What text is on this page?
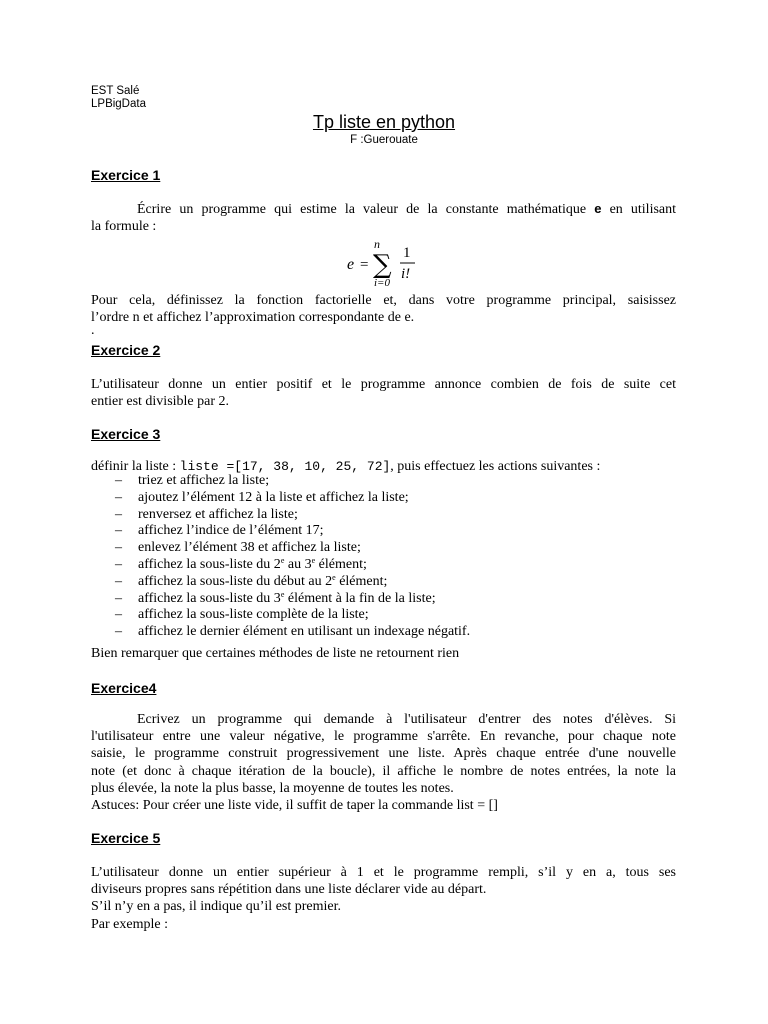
EST Salé
LPBigData
Tp liste en python
F :Guerouate
Exercice 1
Écrire un programme qui estime la valeur de la constante mathématique e en utilisant
la formule :
e =
n
∑
i=0
1
i!
Pour cela, définissez la fonction factorielle et, dans votre programme principal, saisissez
l’ordre n et affichez l’approximation correspondante de e.
.
Exercice 2
L’utilisateur donne un entier positif et le programme annonce combien de fois de suite cet
entier est divisible par 2.
Exercice 3
définir la liste : liste =[17, 38, 10, 25, 72], puis effectuez les actions suivantes :
– triez et affichez la liste;
– ajoutez l’élément 12 à la liste et affichez la liste;
– renversez et affichez la liste;
– affichez l’indice de l’élément 17;
– enlevez l’élément 38 et affichez la liste;
– affichez la sous-liste du 2e au 3e élément;
– affichez la sous-liste du début au 2e élément;
– affichez la sous-liste du 3e élément à la fin de la liste;
– affichez la sous-liste complète de la liste;
– affichez le dernier élément en utilisant un indexage négatif.
Bien remarquer que certaines méthodes de liste ne retournent rien
Exercice4
Ecrivez un programme qui demande à l'utilisateur d'entrer des notes d'élèves. Si
l'utilisateur entre une valeur négative, le programme s'arrête. En revanche, pour chaque note
saisie, le programme construit progressivement une liste. Après chaque entrée d'une nouvelle
note (et donc à chaque itération de la boucle), il affiche le nombre de notes entrées, la note la
plus élevée, la note la plus basse, la moyenne de toutes les notes.
Astuces: Pour créer une liste vide, il suffit de taper la commande list = []
Exercice 5
L’utilisateur donne un entier supérieur à 1 et le programme rempli, s’il y en a, tous ses
diviseurs propres sans répétition dans une liste déclarer vide au départ.
S’il n’y en a pas, il indique qu’il est premier.
Par exemple :
